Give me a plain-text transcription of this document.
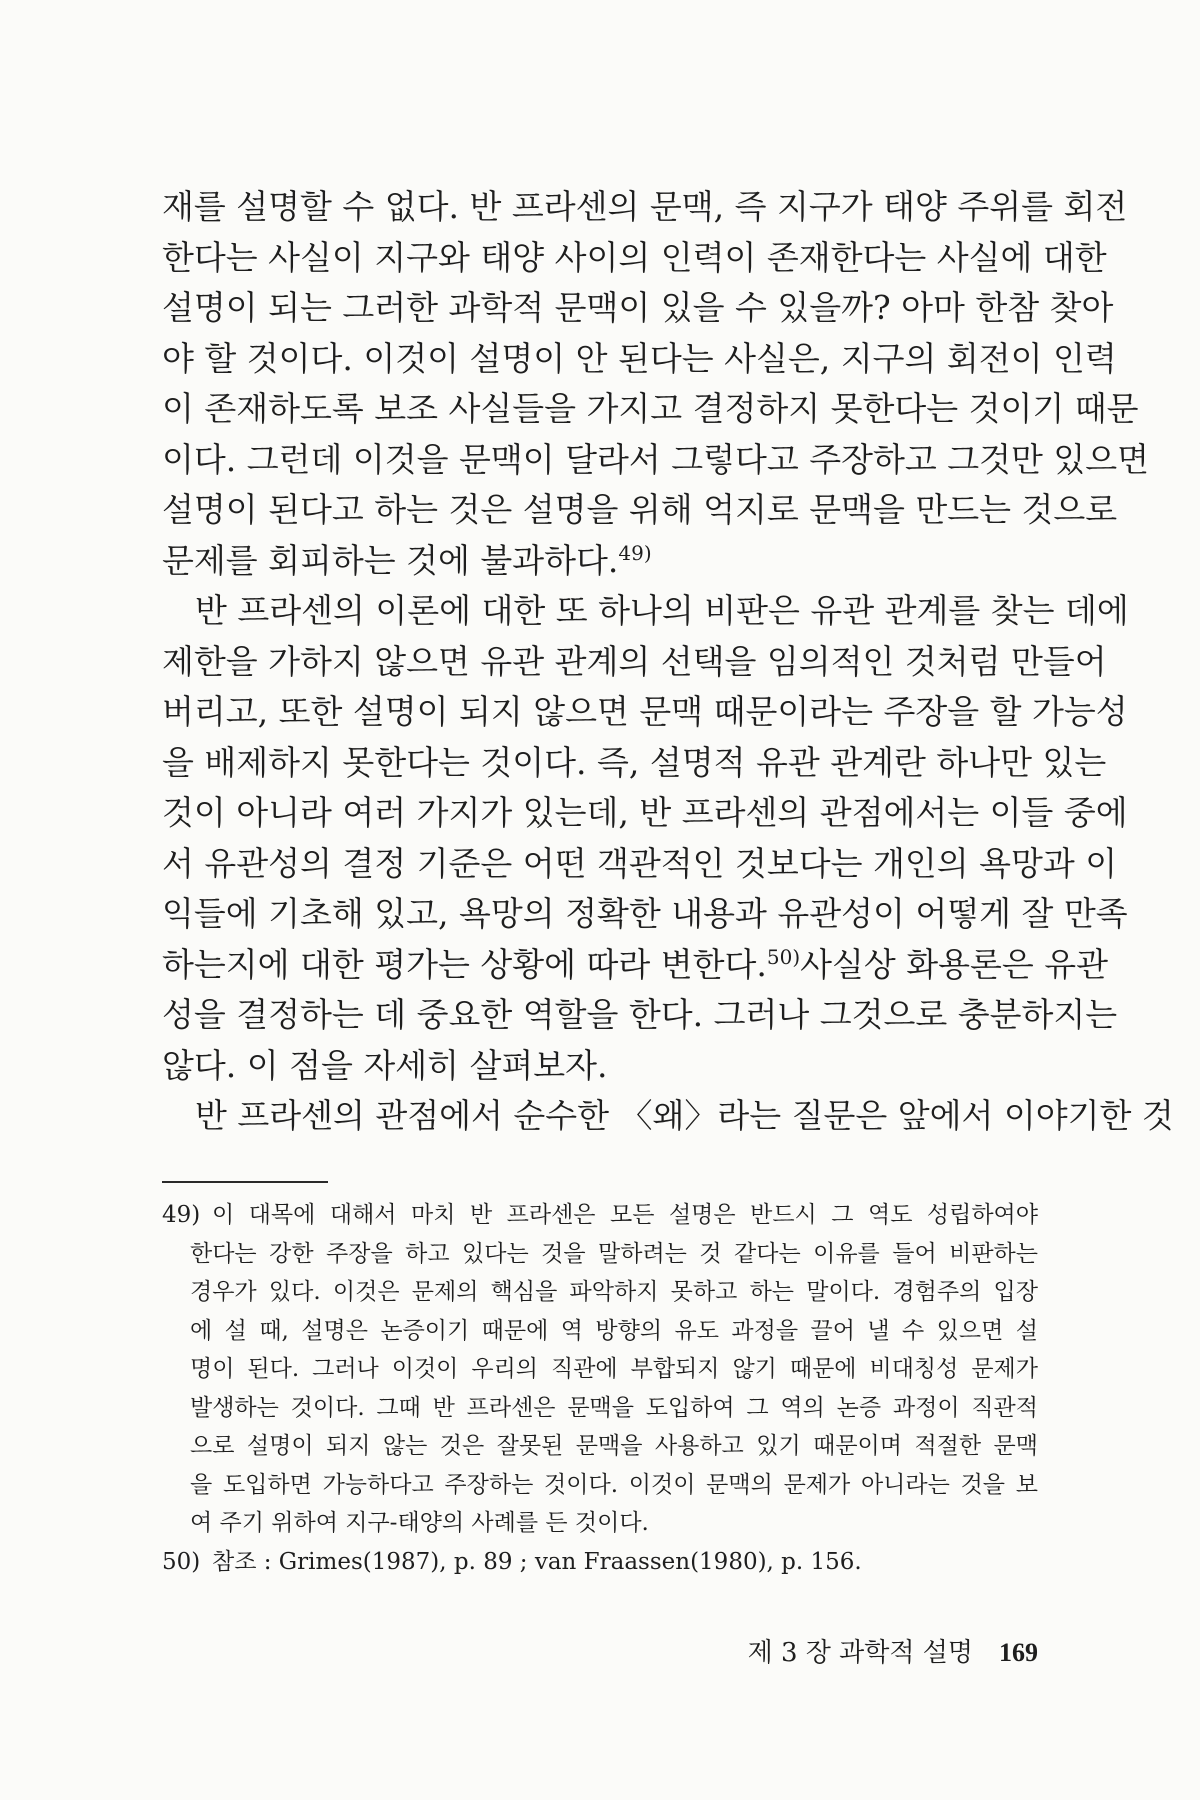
재를 설명할 수 없다. 반 프라센의 문맥, 즉 지구가 태양 주위를 회전
한다는 사실이 지구와 태양 사이의 인력이 존재한다는 사실에 대한
설명이 되는 그러한 과학적 문맥이 있을 수 있을까? 아마 한참 찾아
야 할 것이다. 이것이 설명이 안 된다는 사실은, 지구의 회전이 인력
이 존재하도록 보조 사실들을 가지고 결정하지 못한다는 것이기 때문
이다. 그런데 이것을 문맥이 달라서 그렇다고 주장하고 그것만 있으면
설명이 된다고 하는 것은 설명을 위해 억지로 문맥을 만드는 것으로
문제를 회피하는 것에 불과하다.$^{49)}$
반 프라센의 이론에 대한 또 하나의 비판은 유관 관계를 찾는 데에
제한을 가하지 않으면 유관 관계의 선택을 임의적인 것처럼 만들어
버리고, 또한 설명이 되지 않으면 문맥 때문이라는 주장을 할 가능성
을 배제하지 못한다는 것이다. 즉, 설명적 유관 관계란 하나만 있는
것이 아니라 여러 가지가 있는데, 반 프라센의 관점에서는 이들 중에
서 유관성의 결정 기준은 어떤 객관적인 것보다는 개인의 욕망과 이
익들에 기초해 있고, 욕망의 정확한 내용과 유관성이 어떻게 잘 만족
하는지에 대한 평가는 상황에 따라 변한다.$^{50)}$ 사실상 화용론은 유관
성을 결정하는 데 중요한 역할을 한다. 그러나 그것으로 충분하지는
않다. 이 점을 자세히 살펴보자.
반 프라센의 관점에서 순수한 〈왜〉라는 질문은 앞에서 이야기한 것
49) 이 대목에 대해서 마치 반 프라센은 모든 설명은 반드시 그 역도 성립하여야
한다는 강한 주장을 하고 있다는 것을 말하려는 것 같다는 이유를 들어 비판하는
경우가 있다. 이것은 문제의 핵심을 파악하지 못하고 하는 말이다. 경험주의 입장
에 설 때, 설명은 논증이기 때문에 역 방향의 유도 과정을 끌어 낼 수 있으면 설
명이 된다. 그러나 이것이 우리의 직관에 부합되지 않기 때문에 비대칭성 문제가
발생하는 것이다. 그때 반 프라센은 문맥을 도입하여 그 역의 논증 과정이 직관적
으로 설명이 되지 않는 것은 잘못된 문맥을 사용하고 있기 때문이며 적절한 문맥
을 도입하면 가능하다고 주장하는 것이다. 이것이 문맥의 문제가 아니라는 것을 보
여 주기 위하여 지구-태양의 사례를 든 것이다.
50) 참조 : Grimes(1987), p. 89 ; van Fraassen(1980), p. 156.
제 3 장 과학적 설명 169
